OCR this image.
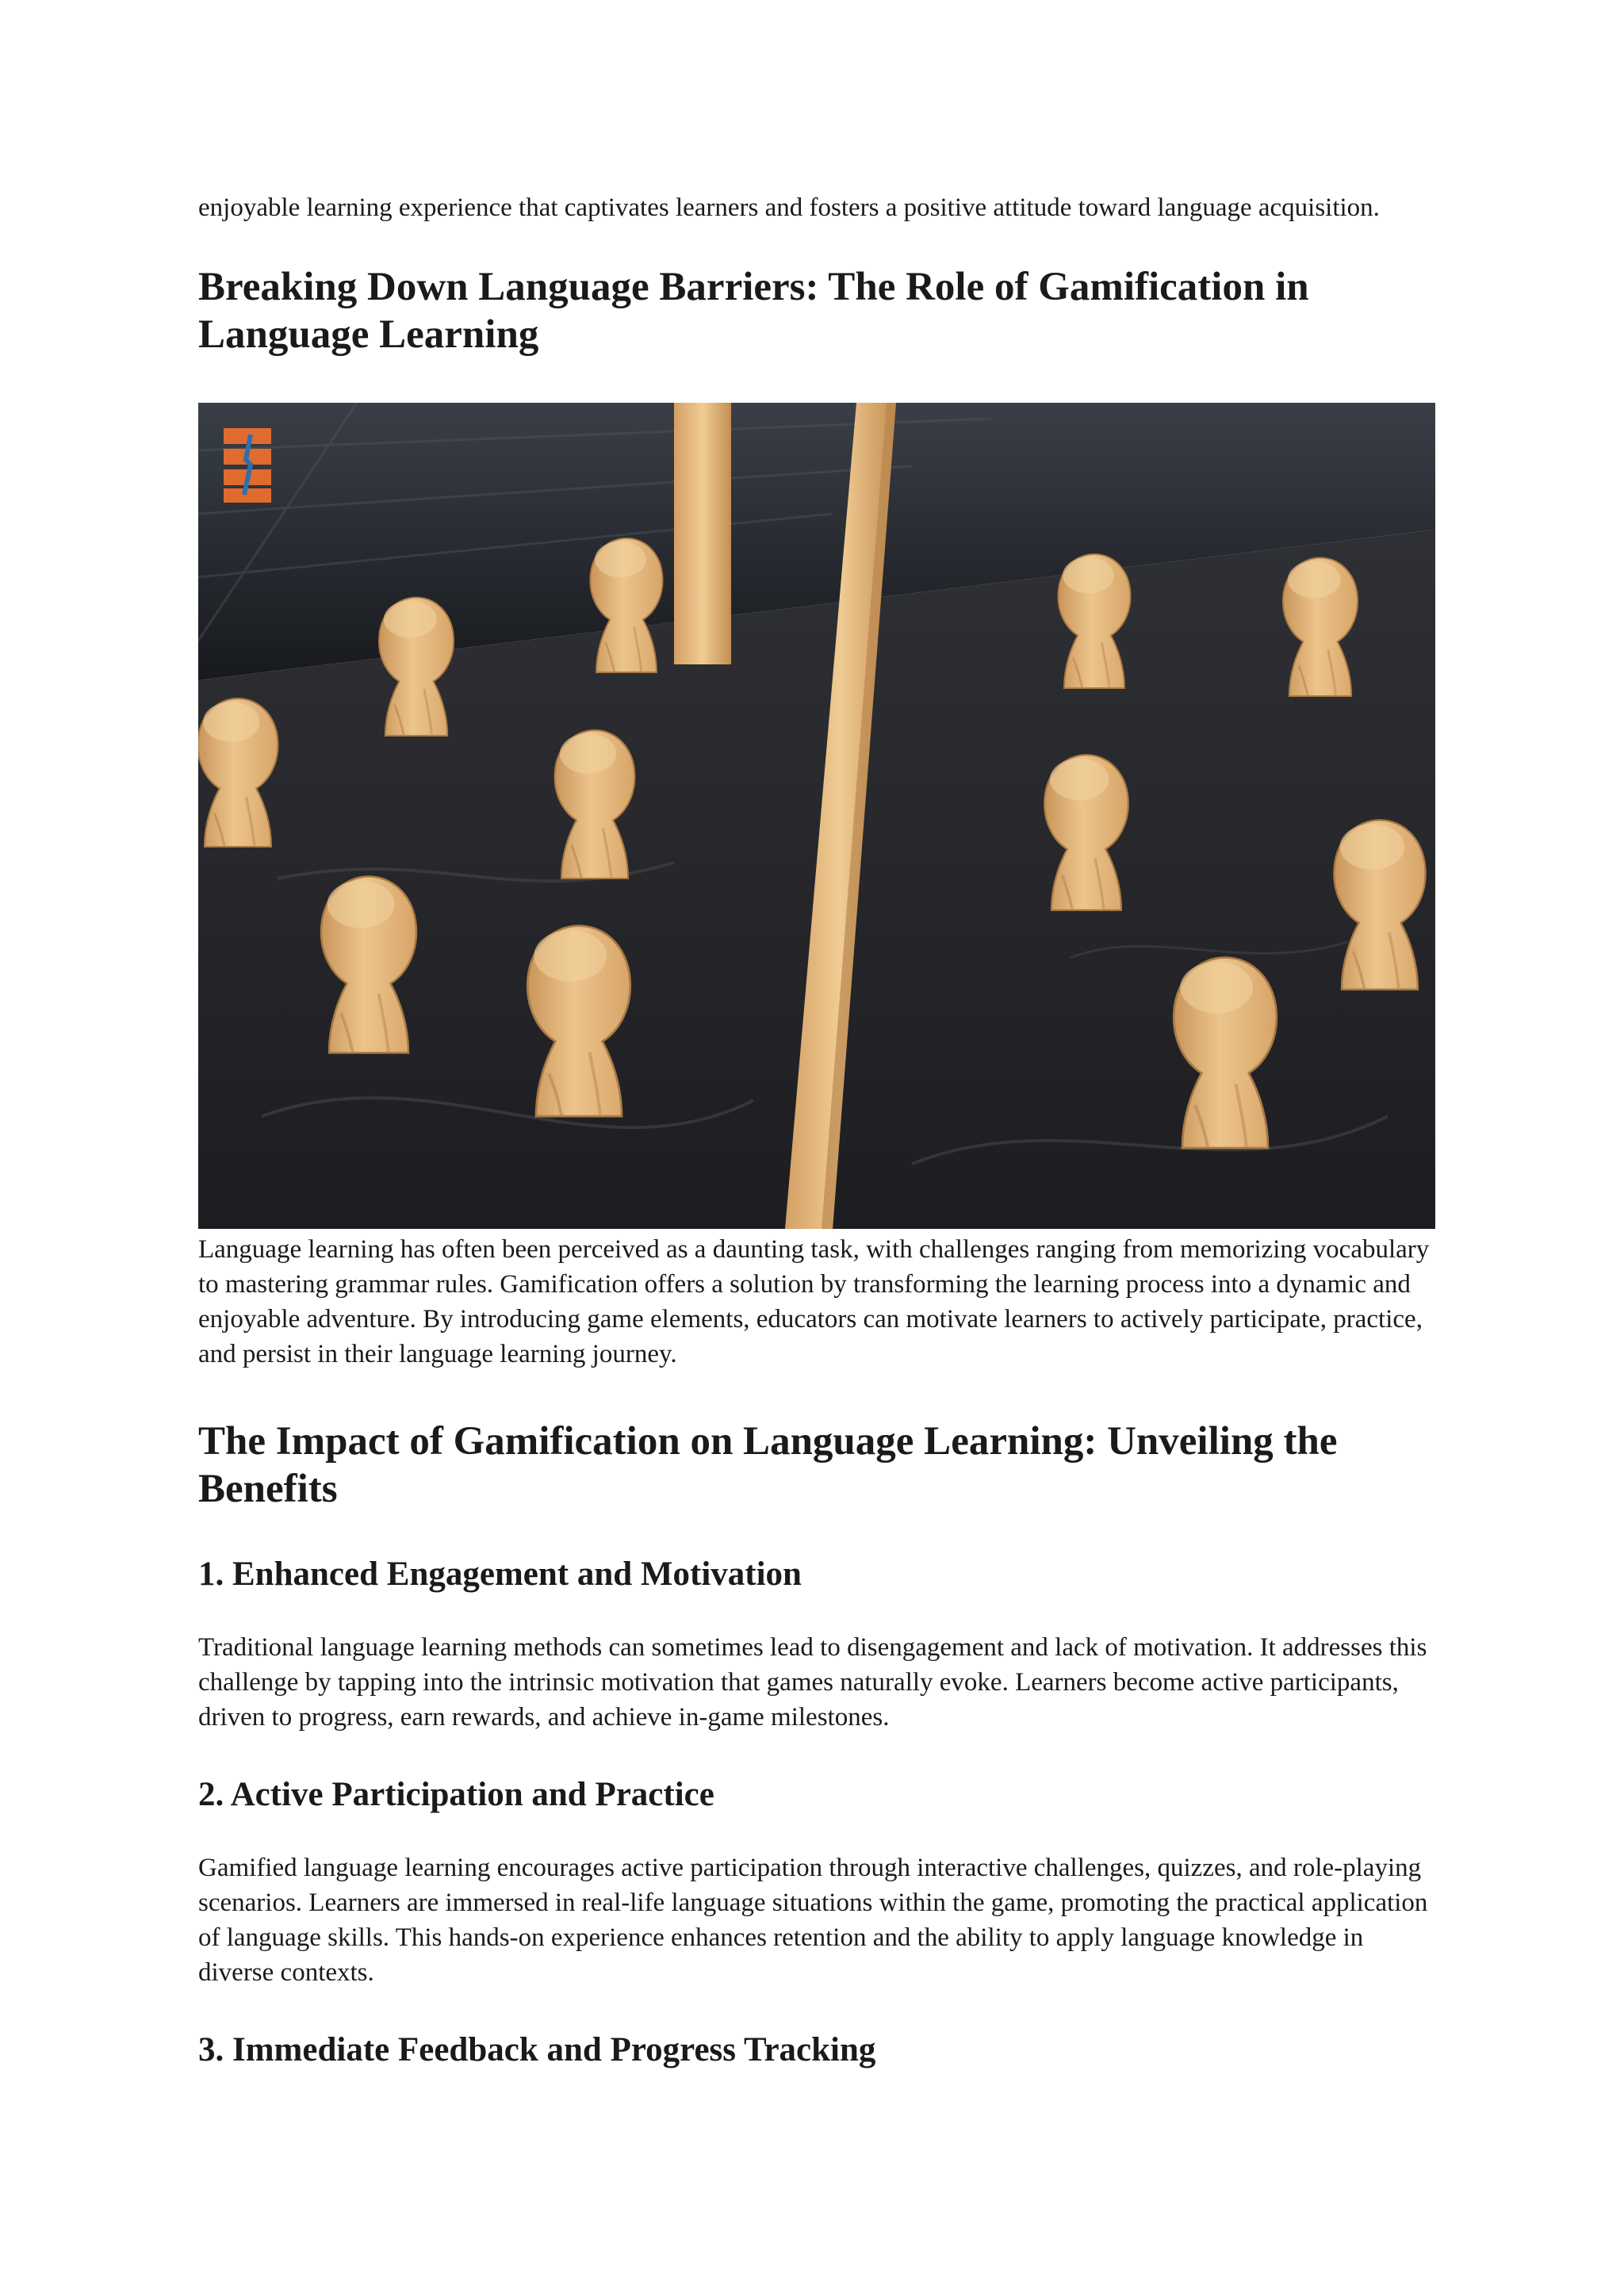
enjoyable learning experience that captivates learners and fosters a positive attitude toward language acquisition.

Breaking Down Language Barriers: The Role of Gamification in Language Learning

Language learning has often been perceived as a daunting task, with challenges ranging from memorizing vocabulary to mastering grammar rules. Gamification offers a solution by transforming the learning process into a dynamic and enjoyable adventure. By introducing game elements, educators can motivate learners to actively participate, practice, and persist in their language learning journey.

The Impact of Gamification on Language Learning: Unveiling the Benefits
1. Enhanced Engagement and Motivation

Traditional language learning methods can sometimes lead to disengagement and lack of motivation. It addresses this challenge by tapping into the intrinsic motivation that games naturally evoke. Learners become active participants, driven to progress, earn rewards, and achieve in-game milestones.

2. Active Participation and Practice

Gamified language learning encourages active participation through interactive challenges, quizzes, and role-playing scenarios. Learners are immersed in real-life language situations within the game, promoting the practical application of language skills. This hands-on experience enhances retention and the ability to apply language knowledge in diverse contexts.

3. Immediate Feedback and Progress Tracking
